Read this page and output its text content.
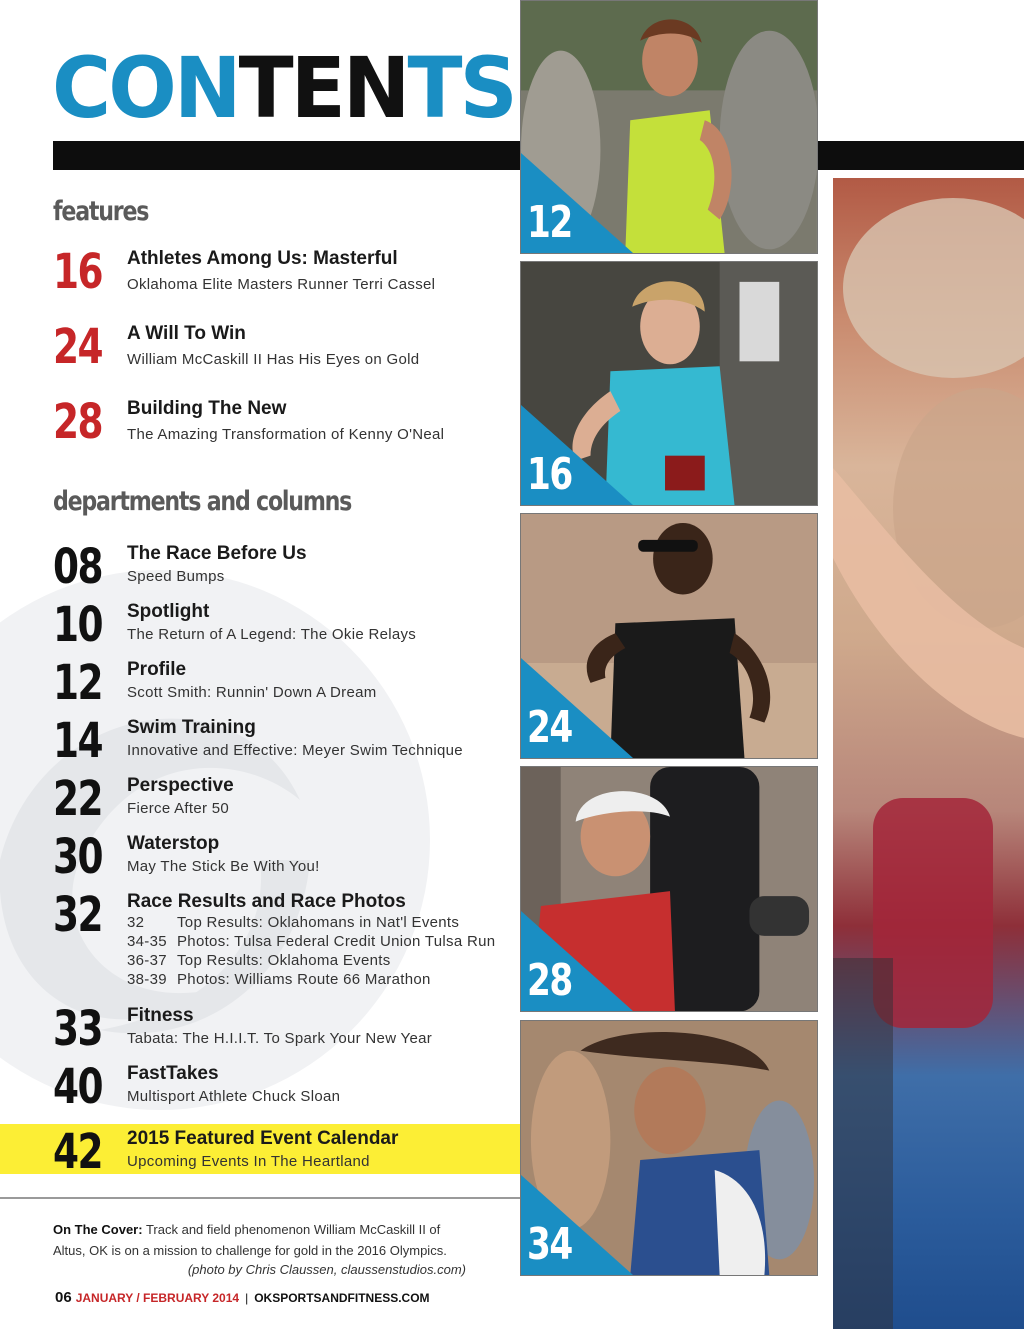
CONTENTS
features
16 Athletes Among Us: Masterful
Oklahoma Elite Masters Runner Terri Cassel
24 A Will To Win
William McCaskill II Has His Eyes on Gold
28 Building The New
The Amazing Transformation of Kenny O'Neal
departments and columns
08 The Race Before Us
Speed Bumps
10 Spotlight
The Return of A Legend: The Okie Relays
12 Profile
Scott Smith: Runnin' Down A Dream
14 Swim Training
Innovative and Effective: Meyer Swim Technique
22 Perspective
Fierce After 50
30 Waterstop
May The Stick Be With You!
32 Race Results and Race Photos
32 Top Results: Oklahomans in Nat'l Events
34-35 Photos: Tulsa Federal Credit Union Tulsa Run
36-37 Top Results: Oklahoma Events
38-39 Photos: Williams Route 66 Marathon
33 Fitness
Tabata: The H.I.I.T. To Spark Your New Year
40 FastTakes
Multisport Athlete Chuck Sloan
42 2015 Featured Event Calendar
Upcoming Events In The Heartland
On The Cover: Track and field phenomenon William McCaskill II of Altus, OK is on a mission to challenge for gold in the 2016 Olympics.
(photo by Chris Claussen, claussenstudios.com)
06 JANUARY / FEBRUARY 2014 | OKSPORTSANDFITNESS.COM
12
16
24
28
34
